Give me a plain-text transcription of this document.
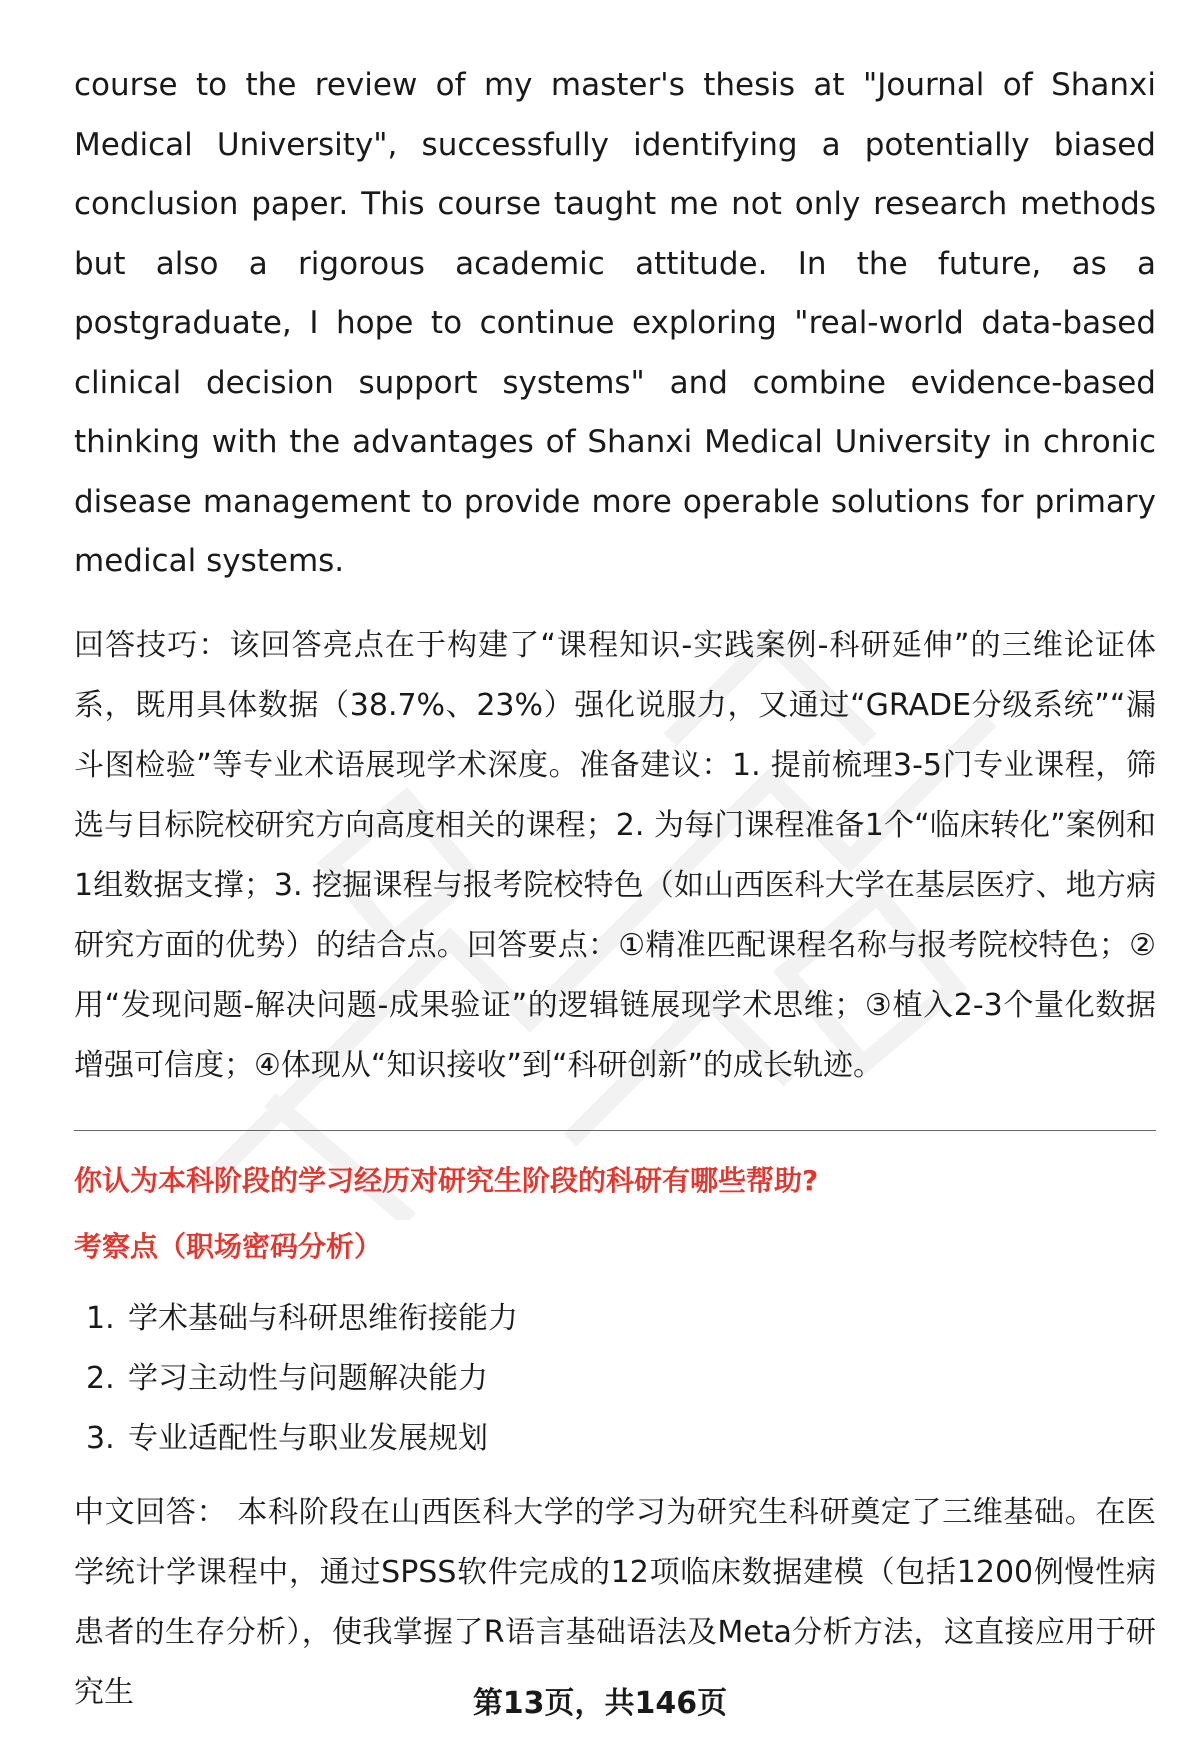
course to the review of my master's thesis at "Journal of Shanxi Medical University", successfully identifying a potentially biased conclusion paper. This course taught me not only research methods but also a rigorous academic attitude. In the future, as a postgraduate, I hope to continue exploring "real-world data-based clinical decision support systems" and combine evidence-based thinking with the advantages of Shanxi Medical University in chronic disease management to provide more operable solutions for primary medical systems.

回答技巧：该回答亮点在于构建了“课程知识-实践案例-科研延伸”的三维论证体系，既用具体数据（38.7%、23%）强化说服力，又通过“GRADE分级系统”“漏斗图检验”等专业术语展现学术深度。准备建议：1. 提前梳理3-5门专业课程，筛选与目标院校研究方向高度相关的课程；2. 为每门课程准备1个“临床转化”案例和1组数据支撑；3. 挖掘课程与报考院校特色（如山西医科大学在基层医疗、地方病研究方面的优势）的结合点。回答要点：①精准匹配课程名称与报考院校特色；②用“发现问题-解决问题-成果验证”的逻辑链展现学术思维；③植入2-3个量化数据增强可信度；④体现从“知识接收”到“科研创新”的成长轨迹。

你认为本科阶段的学习经历对研究生阶段的科研有哪些帮助?

考察点（职场密码分析）

1. 学术基础与科研思维衔接能力
2. 学习主动性与问题解决能力
3. 专业适配性与职业发展规划

中文回答： 本科阶段在山西医科大学的学习为研究生科研奠定了三维基础。在医学统计学课程中，通过SPSS软件完成的12项临床数据建模（包括1200例慢性病患者的生存分析），使我掌握了R语言基础语法及Meta分析方法，这直接应用于研究生	第13页，共146页
